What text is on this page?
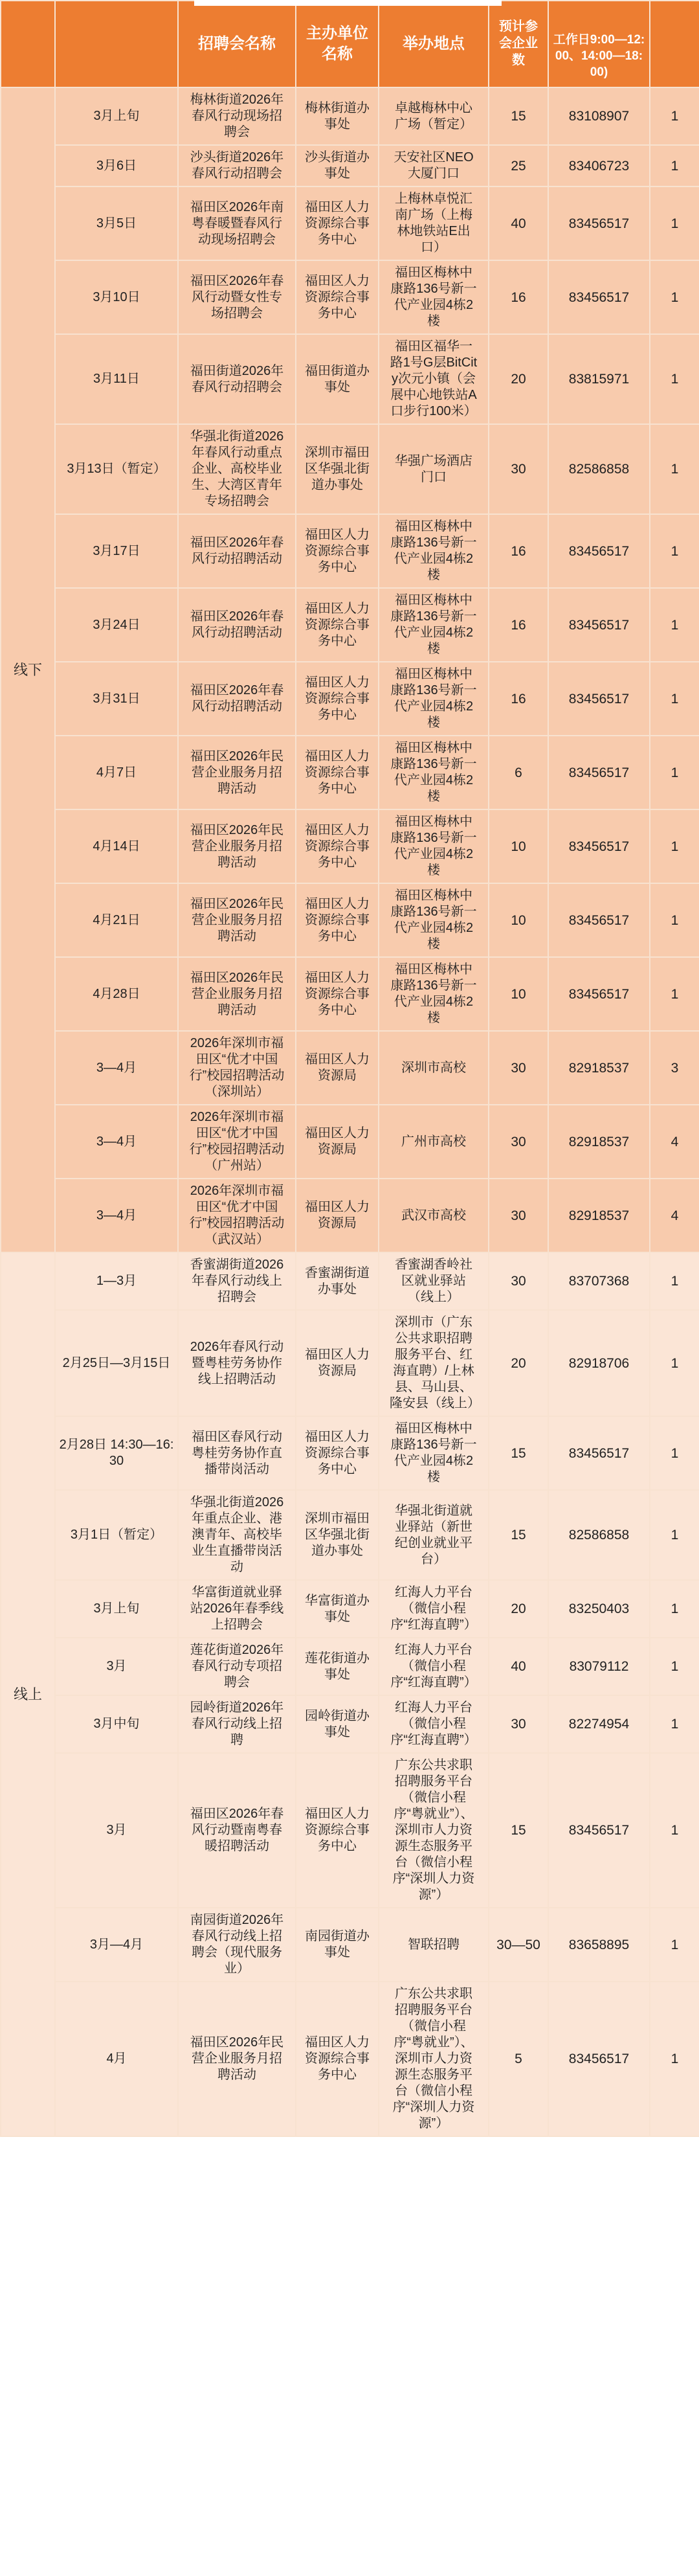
		招聘会名称	主办单位名称	举办地点	预计参会企业数	工作日9:00—12:00、14:00—18:00)	
线下	3月上旬	梅林街道2026年春风行动现场招聘会	梅林街道办事处	卓越梅林中心广场（暂定）	15	83108907	1
	3月6日	沙头街道2026年春风行动招聘会	沙头街道办事处	天安社区NEO大厦门口	25	83406723	1
	3月5日	福田区2026年南粤春暖暨春风行动现场招聘会	福田区人力资源综合事务中心	上梅林卓悦汇南广场（上梅林地铁站E出口）	40	83456517	1
	3月10日	福田区2026年春风行动暨女性专场招聘会	福田区人力资源综合事务中心	福田区梅林中康路136号新一代产业园4栋2楼	16	83456517	1
	3月11日	福田街道2026年春风行动招聘会	福田街道办事处	福田区福华一路1号G层BitCity次元小镇（会展中心地铁站A口步行100米）	20	83815971	1
	3月13日（暂定）	华强北街道2026年春风行动重点企业、高校毕业生、大湾区青年专场招聘会	深圳市福田区华强北街道办事处	华强广场酒店门口	30	82586858	1
	3月17日	福田区2026年春风行动招聘活动	福田区人力资源综合事务中心	福田区梅林中康路136号新一代产业园4栋2楼	16	83456517	1
	3月24日	福田区2026年春风行动招聘活动	福田区人力资源综合事务中心	福田区梅林中康路136号新一代产业园4栋2楼	16	83456517	1
	3月31日	福田区2026年春风行动招聘活动	福田区人力资源综合事务中心	福田区梅林中康路136号新一代产业园4栋2楼	16	83456517	1
	4月7日	福田区2026年民营企业服务月招聘活动	福田区人力资源综合事务中心	福田区梅林中康路136号新一代产业园4栋2楼	6	83456517	1
	4月14日	福田区2026年民营企业服务月招聘活动	福田区人力资源综合事务中心	福田区梅林中康路136号新一代产业园4栋2楼	10	83456517	1
	4月21日	福田区2026年民营企业服务月招聘活动	福田区人力资源综合事务中心	福田区梅林中康路136号新一代产业园4栋2楼	10	83456517	1
	4月28日	福田区2026年民营企业服务月招聘活动	福田区人力资源综合事务中心	福田区梅林中康路136号新一代产业园4栋2楼	10	83456517	1
	3—4月	2026年深圳市福田区“优才中国行”校园招聘活动（深圳站）	福田区人力资源局	深圳市高校	30	82918537	3
	3—4月	2026年深圳市福田区“优才中国行”校园招聘活动（广州站）	福田区人力资源局	广州市高校	30	82918537	4
	3—4月	2026年深圳市福田区“优才中国行”校园招聘活动（武汉站）	福田区人力资源局	武汉市高校	30	82918537	4
线上	1—3月	香蜜湖街道2026年春风行动线上招聘会	香蜜湖街道办事处	香蜜湖香岭社区就业驿站（线上）	30	83707368	1
	2月25日—3月15日	2026年春风行动暨粤桂劳务协作线上招聘活动	福田区人力资源局	深圳市（广东公共求职招聘服务平台、红海直聘）/上林县、马山县、隆安县（线上）	20	82918706	1
	2月28日 14:30—16:30	福田区春风行动粤桂劳务协作直播带岗活动	福田区人力资源综合事务中心	福田区梅林中康路136号新一代产业园4栋2楼	15	83456517	1
	3月1日（暂定）	华强北街道2026年重点企业、港澳青年、高校毕业生直播带岗活动	深圳市福田区华强北街道办事处	华强北街道就业驿站（新世纪创业就业平台）	15	82586858	1
	3月上旬	华富街道就业驿站2026年春季线上招聘会	华富街道办事处	红海人力平台（微信小程序“红海直聘”）	20	83250403	1
	3月	莲花街道2026年春风行动专项招聘会	莲花街道办事处	红海人力平台（微信小程序“红海直聘”）	40	83079112	1
	3月中旬	园岭街道2026年春风行动线上招聘	园岭街道办事处	红海人力平台（微信小程序“红海直聘”）	30	82274954	1
	3月	福田区2026年春风行动暨南粤春暖招聘活动	福田区人力资源综合事务中心	广东公共求职招聘服务平台（微信小程序“粤就业”）、深圳市人力资源生态服务平台（微信小程序“深圳人力资源”）	15	83456517	1
	3月—4月	南园街道2026年春风行动线上招聘会（现代服务业）	南园街道办事处	智联招聘	30—50	83658895	1
	4月	福田区2026年民营企业服务月招聘活动	福田区人力资源综合事务中心	广东公共求职招聘服务平台（微信小程序“粤就业”）、深圳市人力资源生态服务平台（微信小程序“深圳人力资源”）	5	83456517	1
